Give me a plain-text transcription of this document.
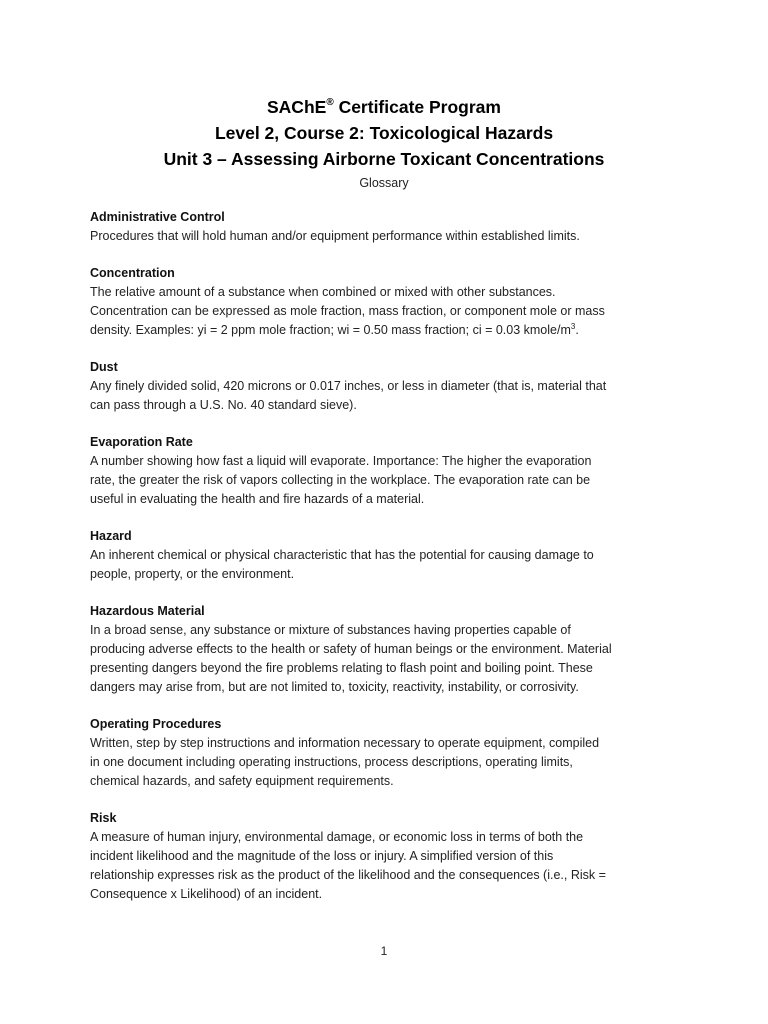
SAChE® Certificate Program
Level 2, Course 2: Toxicological Hazards
Unit 3 – Assessing Airborne Toxicant Concentrations
Glossary
Administrative Control
Procedures that will hold human and/or equipment performance within established limits.
Concentration
The relative amount of a substance when combined or mixed with other substances.
Concentration can be expressed as mole fraction, mass fraction, or component mole or mass
density. Examples: yi = 2 ppm mole fraction; wi = 0.50 mass fraction; ci = 0.03 kmole/$m^3$.
Dust
Any finely divided solid, 420 microns or 0.017 inches, or less in diameter (that is, material that
can pass through a U.S. No. 40 standard sieve).
Evaporation Rate
A number showing how fast a liquid will evaporate. Importance: The higher the evaporation
rate, the greater the risk of vapors collecting in the workplace. The evaporation rate can be
useful in evaluating the health and fire hazards of a material.
Hazard
An inherent chemical or physical characteristic that has the potential for causing damage to
people, property, or the environment.
Hazardous Material
In a broad sense, any substance or mixture of substances having properties capable of
producing adverse effects to the health or safety of human beings or the environment. Material
presenting dangers beyond the fire problems relating to flash point and boiling point. These
dangers may arise from, but are not limited to, toxicity, reactivity, instability, or corrosivity.
Operating Procedures
Written, step by step instructions and information necessary to operate equipment, compiled
in one document including operating instructions, process descriptions, operating limits,
chemical hazards, and safety equipment requirements.
Risk
A measure of human injury, environmental damage, or economic loss in terms of both the
incident likelihood and the magnitude of the loss or injury. A simplified version of this
relationship expresses risk as the product of the likelihood and the consequences (i.e., Risk =
Consequence x Likelihood) of an incident.
1
